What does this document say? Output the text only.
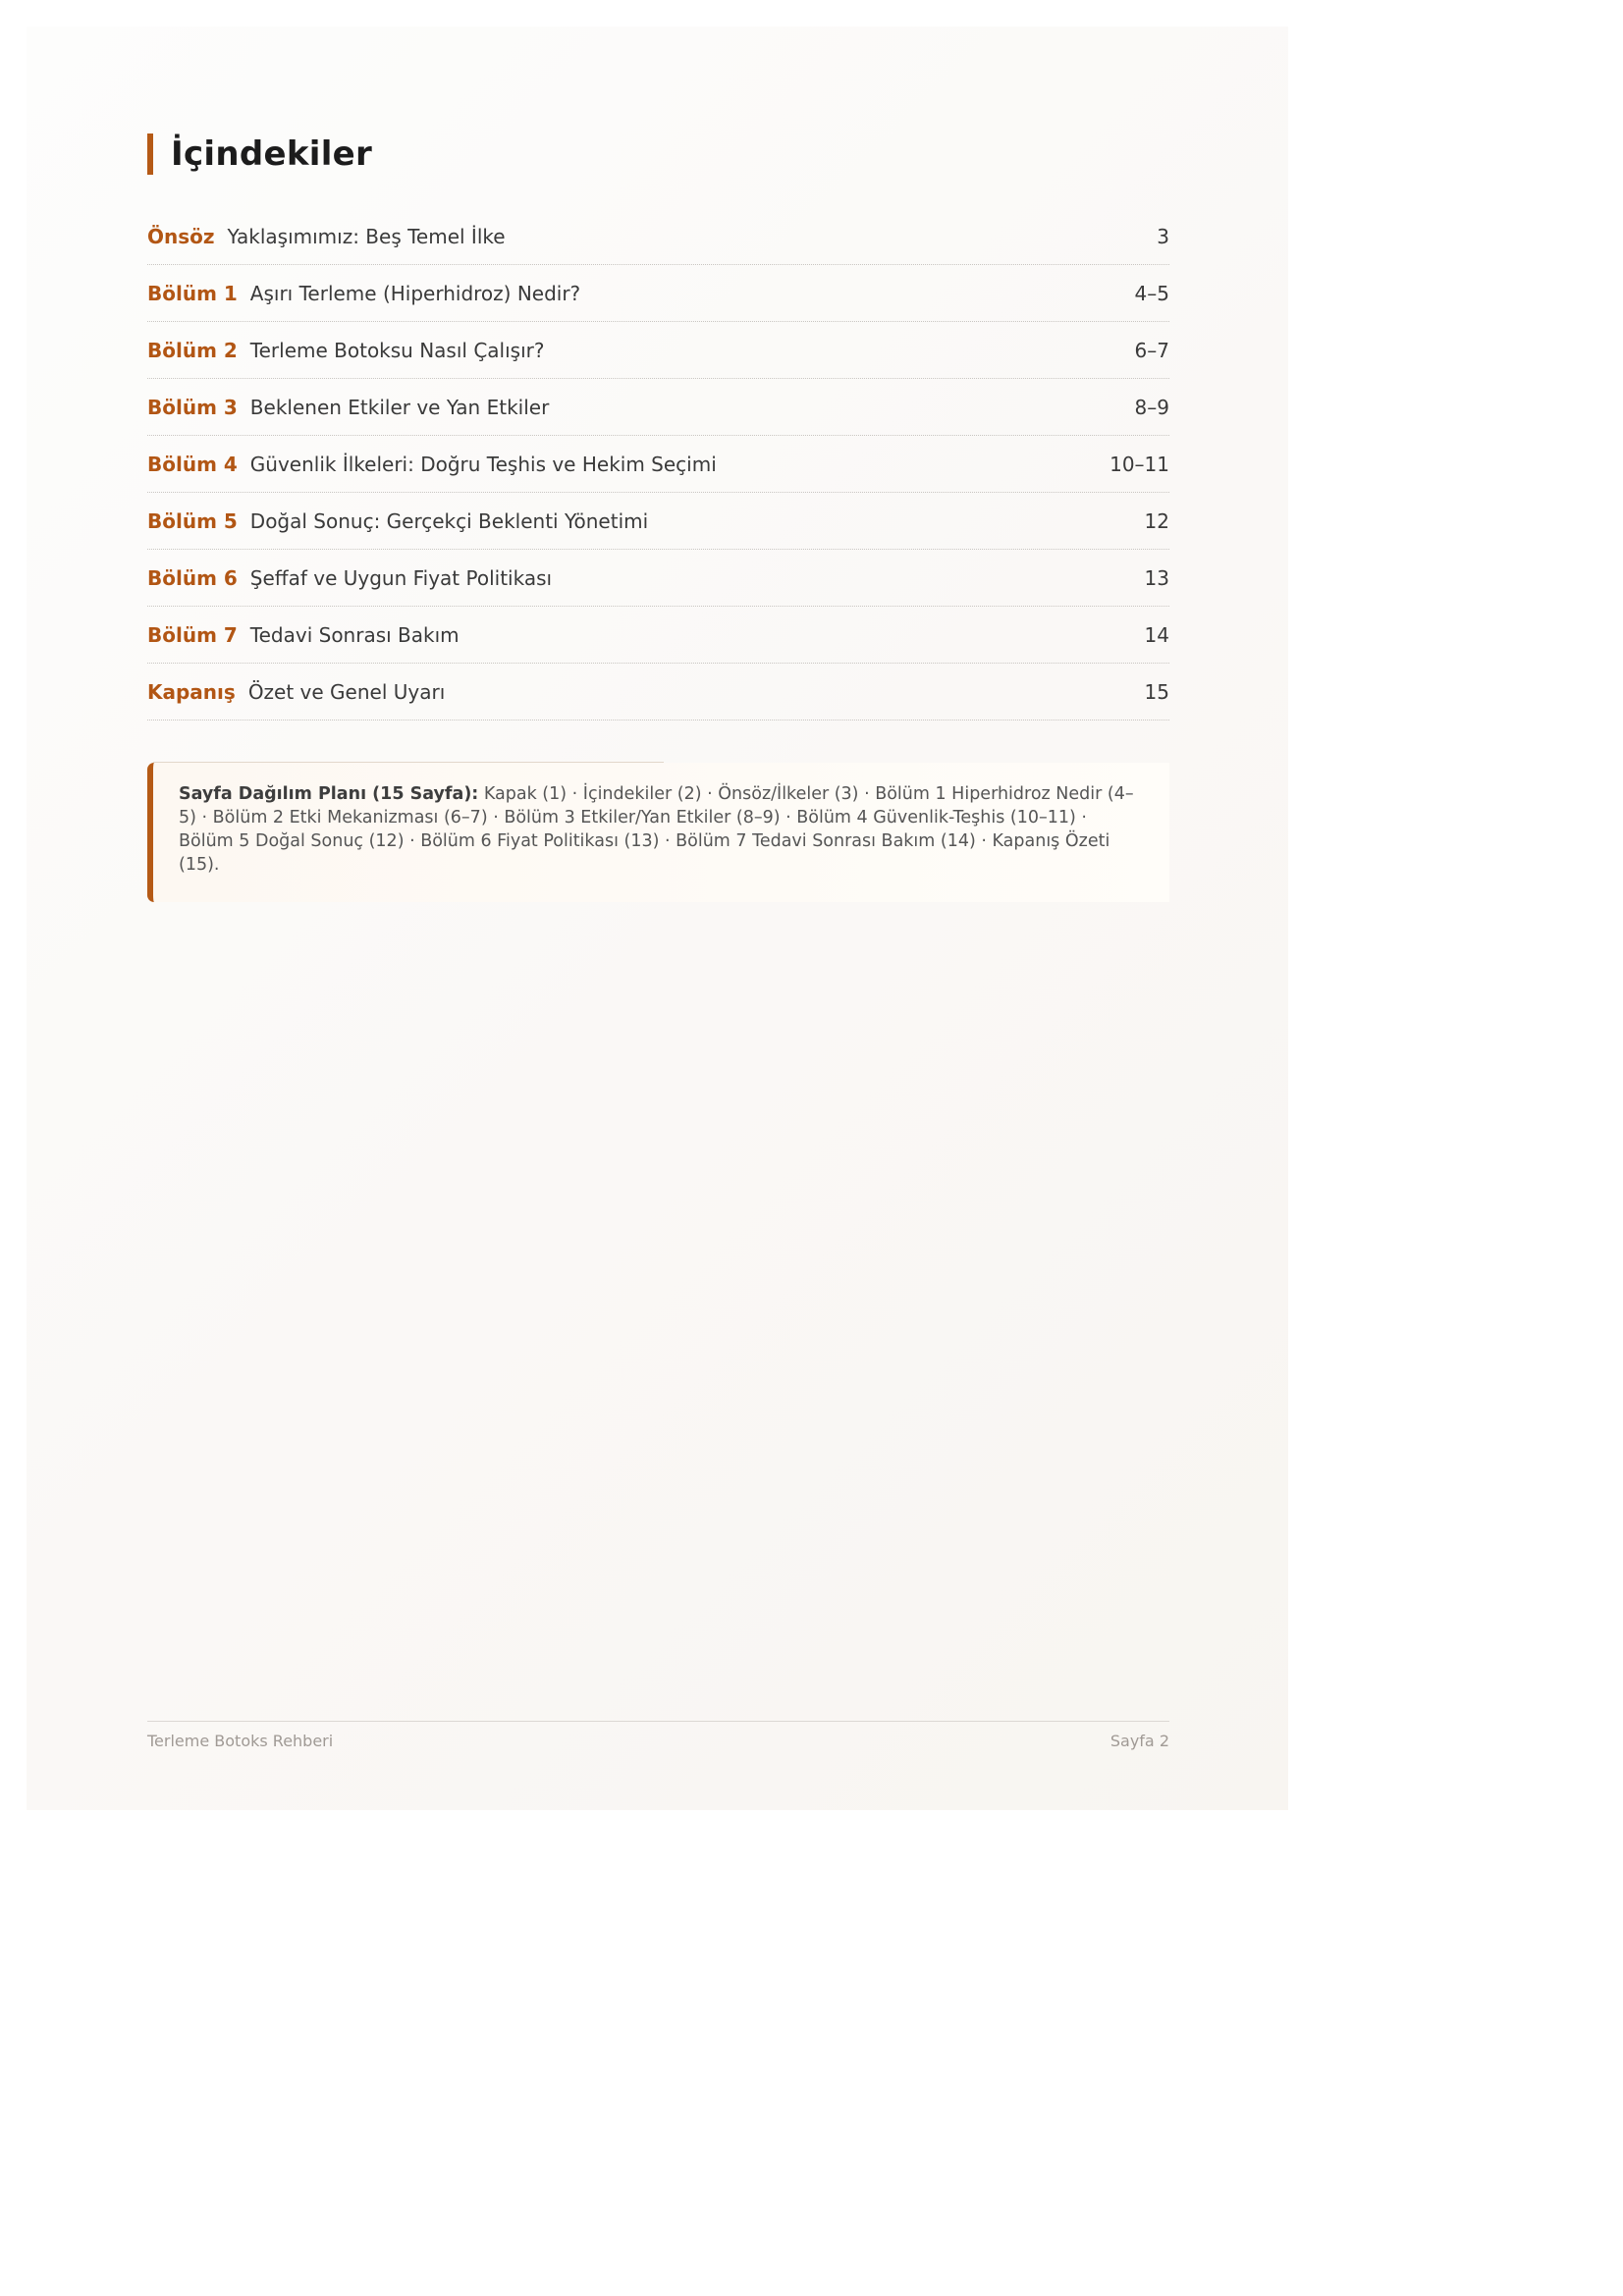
İçindekiler
Önsöz Yaklaşımımız: Beş Temel İlke	3
Bölüm 1 Aşırı Terleme (Hiperhidroz) Nedir?	4–5
Bölüm 2 Terleme Botoksu Nasıl Çalışır?	6–7
Bölüm 3 Beklenen Etkiler ve Yan Etkiler	8–9
Bölüm 4 Güvenlik İlkeleri: Doğru Teşhis ve Hekim Seçimi	10–11
Bölüm 5 Doğal Sonuç: Gerçekçi Beklenti Yönetimi	12
Bölüm 6 Şeffaf ve Uygun Fiyat Politikası	13
Bölüm 7 Tedavi Sonrası Bakım	14
Kapanış Özet ve Genel Uyarı	15
Sayfa Dağılım Planı (15 Sayfa): Kapak (1) · İçindekiler (2) · Önsöz/İlkeler (3) · Bölüm 1 Hiperhidroz Nedir (4–5) · Bölüm 2 Etki Mekanizması (6–7) · Bölüm 3 Etkiler/Yan Etkiler (8–9) · Bölüm 4 Güvenlik-Teşhis (10–11) · Bölüm 5 Doğal Sonuç (12) · Bölüm 6 Fiyat Politikası (13) · Bölüm 7 Tedavi Sonrası Bakım (14) · Kapanış Özeti (15).
Terleme Botoks Rehberi	Sayfa 2
